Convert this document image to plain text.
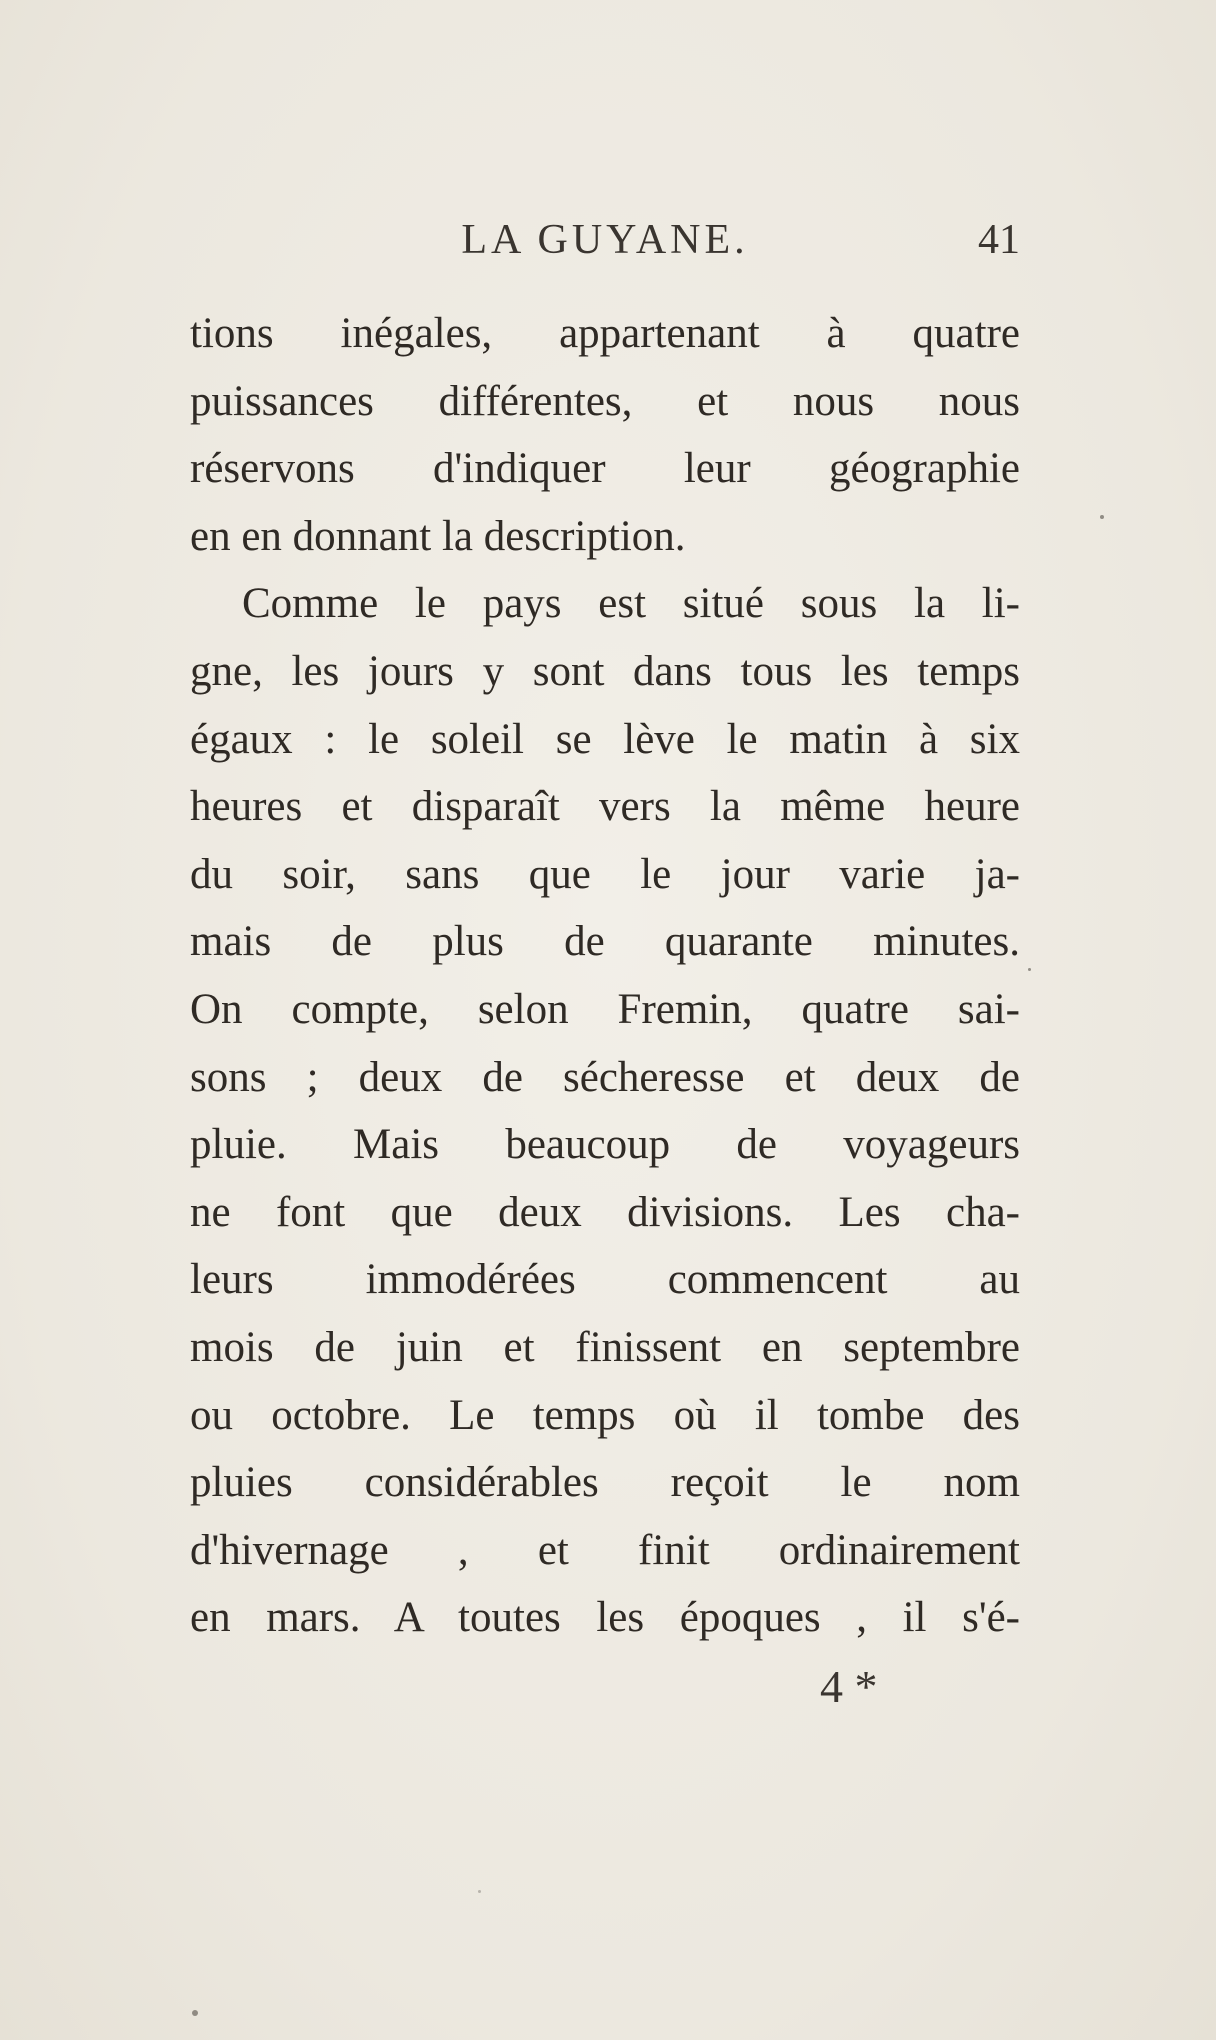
LA GUYANE.	41
tions inégales, appartenant à quatre
puissances différentes, et nous nous
réservons d'indiquer leur géographie
en en donnant la description.
Comme le pays est situé sous la li-
gne, les jours y sont dans tous les temps
égaux : le soleil se lève le matin à six
heures et disparaît vers la même heure
du soir, sans que le jour varie ja-
mais de plus de quarante minutes.
On compte, selon Fremin, quatre sai-
sons ; deux de sécheresse et deux de
pluie. Mais beaucoup de voyageurs
ne font que deux divisions. Les cha-
leurs immodérées commencent au
mois de juin et finissent en septembre
ou octobre. Le temps où il tombe des
pluies considérables reçoit le nom
d'hivernage , et finit ordinairement
en mars. A toutes les époques , il s'é-
4 *
